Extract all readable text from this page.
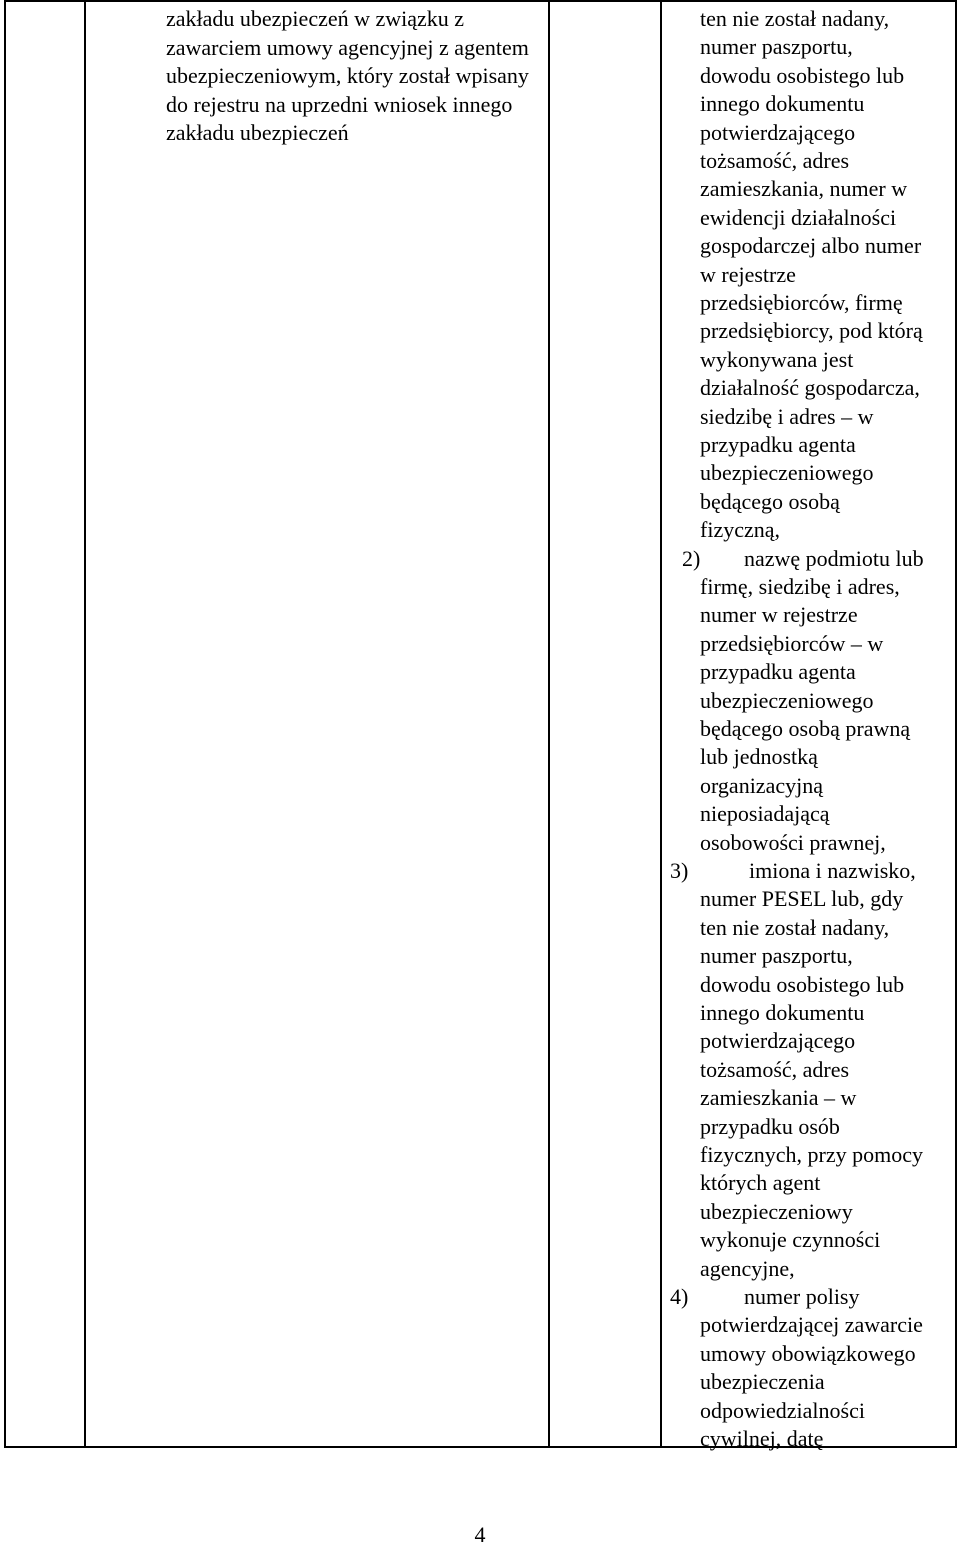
zakładu ubezpieczeń w związku z zawarciem umowy agencyjnej z agentem ubezpieczeniowym, który został wpisany do rejestru na uprzedni wniosek innego zakładu ubezpieczeń
ten nie został nadany,
numer paszportu,
dowodu osobistego lub
innego dokumentu
potwierdzającego
tożsamość, adres
zamieszkania, numer w
ewidencji działalności
gospodarczej albo numer
w rejestrze
przedsiębiorców, firmę
przedsiębiorcy, pod którą
wykonywana jest
działalność gospodarcza,
siedzibę i adres – w
przypadku agenta
ubezpieczeniowego
będącego osobą
fizyczną,
2) nazwę podmiotu lub
firmę, siedzibę i adres,
numer w rejestrze
przedsiębiorców – w
przypadku agenta
ubezpieczeniowego
będącego osobą prawną
lub jednostką
organizacyjną
nieposiadającą
osobowości prawnej,
3)	imiona i nazwisko,
numer PESEL lub, gdy
ten nie został nadany,
numer paszportu,
dowodu osobistego lub
innego dokumentu
potwierdzającego
tożsamość, adres
zamieszkania – w
przypadku osób
fizycznych, przy pomocy
których agent
ubezpieczeniowy
wykonuje czynności
agencyjne,
4)	numer polisy
potwierdzającej zawarcie
umowy obowiązkowego
ubezpieczenia
odpowiedzialności
cywilnej, datę
4
